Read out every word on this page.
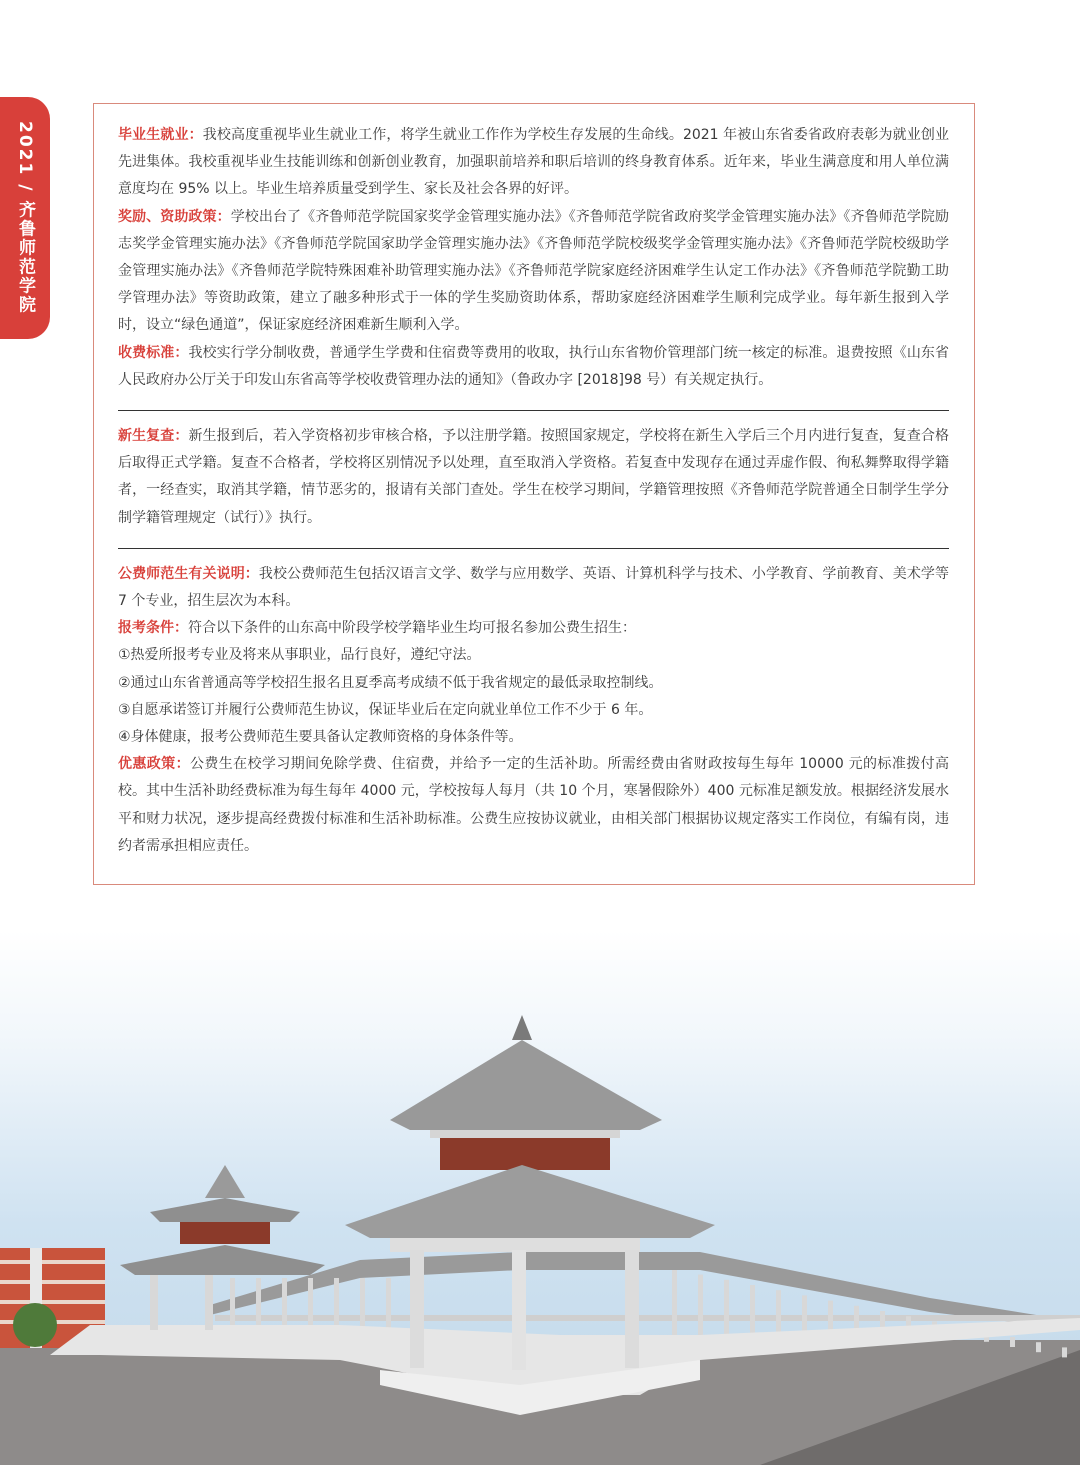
2021 / 齐鲁师范学院	毕业生就业：我校高度重视毕业生就业工作，将学生就业工作作为学校生存发展的生命线。2021 年被山东省委省政府表彰为就业创业先进集体。我校重视毕业生技能训练和创新创业教育，加强职前培养和职后培训的终身教育体系。近年来，毕业生满意度和用人单位满意度均在 95% 以上。毕业生培养质量受到学生、家长及社会各界的好评。

奖励、资助政策：学校出台了《齐鲁师范学院国家奖学金管理实施办法》《齐鲁师范学院省政府奖学金管理实施办法》《齐鲁师范学院励志奖学金管理实施办法》《齐鲁师范学院国家助学金管理实施办法》《齐鲁师范学院校级奖学金管理实施办法》《齐鲁师范学院校级助学金管理实施办法》《齐鲁师范学院特殊困难补助管理实施办法》《齐鲁师范学院家庭经济困难学生认定工作办法》《齐鲁师范学院勤工助学管理办法》等资助政策，建立了融多种形式于一体的学生奖励资助体系，帮助家庭经济困难学生顺利完成学业。每年新生报到入学时，设立“绿色通道”，保证家庭经济困难新生顺利入学。

收费标准：我校实行学分制收费，普通学生学费和住宿费等费用的收取，执行山东省物价管理部门统一核定的标准。退费按照《山东省人民政府办公厅关于印发山东省高等学校收费管理办法的通知》（鲁政办字 [2018]98 号）有关规定执行。

新生复查：新生报到后，若入学资格初步审核合格，予以注册学籍。按照国家规定，学校将在新生入学后三个月内进行复查，复查合格后取得正式学籍。复查不合格者，学校将区别情况予以处理，直至取消入学资格。若复查中发现存在通过弄虚作假、徇私舞弊取得学籍者，一经查实，取消其学籍，情节恶劣的，报请有关部门查处。学生在校学习期间，学籍管理按照《齐鲁师范学院普通全日制学生学分制学籍管理规定（试行）》执行。

公费师范生有关说明：我校公费师范生包括汉语言文学、数学与应用数学、英语、计算机科学与技术、小学教育、学前教育、美术学等 7 个专业，招生层次为本科。

报考条件：符合以下条件的山东高中阶段学校学籍毕业生均可报名参加公费生招生：

①热爱所报考专业及将来从事职业，品行良好，遵纪守法。

②通过山东省普通高等学校招生报名且夏季高考成绩不低于我省规定的最低录取控制线。

③自愿承诺签订并履行公费师范生协议，保证毕业后在定向就业单位工作不少于 6 年。

④身体健康，报考公费师范生要具备认定教师资格的身体条件等。

优惠政策：公费生在校学习期间免除学费、住宿费，并给予一定的生活补助。所需经费由省财政按每生每年 10000 元的标准拨付高校。其中生活补助经费标准为每生每年 4000 元，学校按每人每月（共 10 个月，寒暑假除外）400 元标准足额发放。根据经济发展水平和财力状况，逐步提高经费拨付标准和生活补助标准。公费生应按协议就业，由相关部门根据协议规定落实工作岗位，有编有岗，违约者需承担相应责任。
